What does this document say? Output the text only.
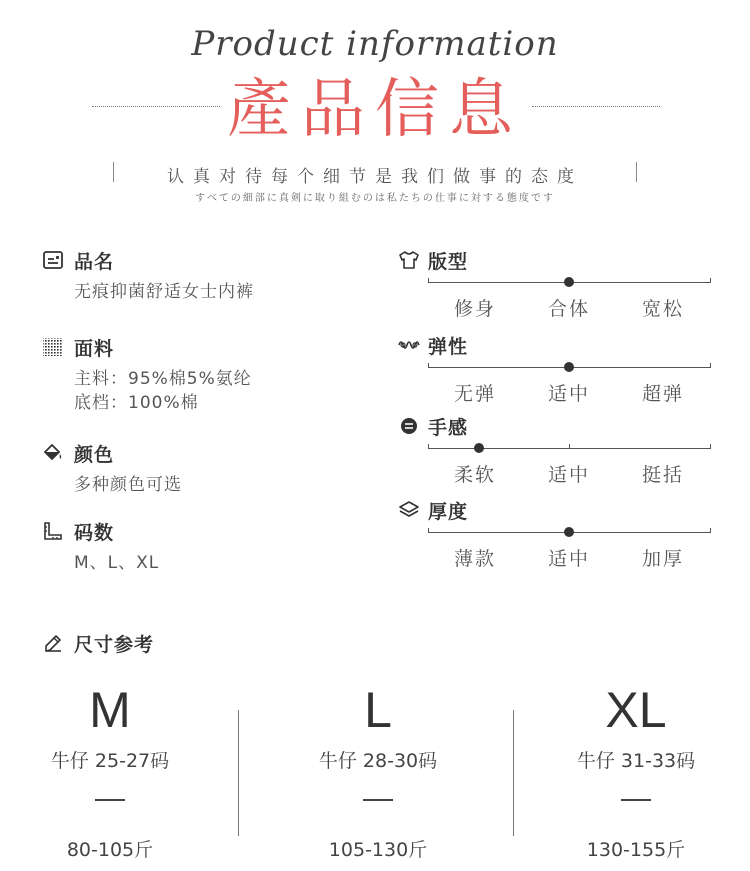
Product information
產品信息
认真对待每个细节是我们做事的态度
すべての細部に真剣に取り組むのは私たちの仕事に対する態度です
品名
无痕抑菌舒适女士内裤
面料
主料：95%棉5%氨纶
底档：100%棉
颜色
多种颜色可选
码数
M、L、XL
版型
修身	合体	宽松
弹性
无弹	适中	超弹
手感
柔软	适中	挺括
厚度
薄款	适中	加厚
尺寸参考
M
牛仔 25-27码
80-105斤
L
牛仔 28-30码
105-130斤
XL
牛仔 31-33码
130-155斤
